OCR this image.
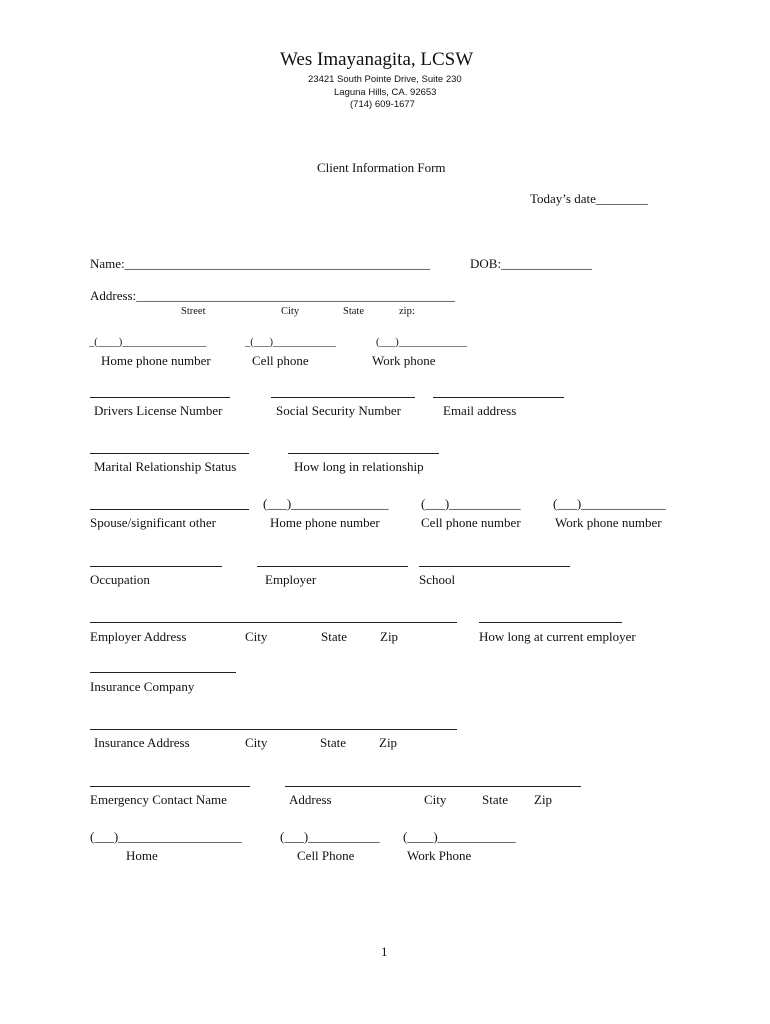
Wes Imayanagita, LCSW
23421 South Pointe Drive, Suite 230
Laguna Hills, CA. 92653
(714) 609-1677
Client Information Form
Today’s date________
Name:_______________________________________________	DOB:______________
Address:_________________________________________________
Street	City	State	zip:
_(____)________________	_(___)____________	(___)_____________
Home phone number	Cell phone	Work phone
Drivers License Number	Social Security Number	Email address
Marital Relationship Status	How long in relationship
(___)_______________ (___)___________ (___)_____________
Spouse/significant other	Home phone number	Cell phone number	Work phone number
Occupation	Employer	School
Employer Address	City	State	Zip	How long at current employer
Insurance Company
Insurance Address	City	State	Zip
Emergency Contact Name	Address	City	State Zip
(___)___________________	(___)___________ (____)____________
Home	Cell Phone	Work Phone
1
